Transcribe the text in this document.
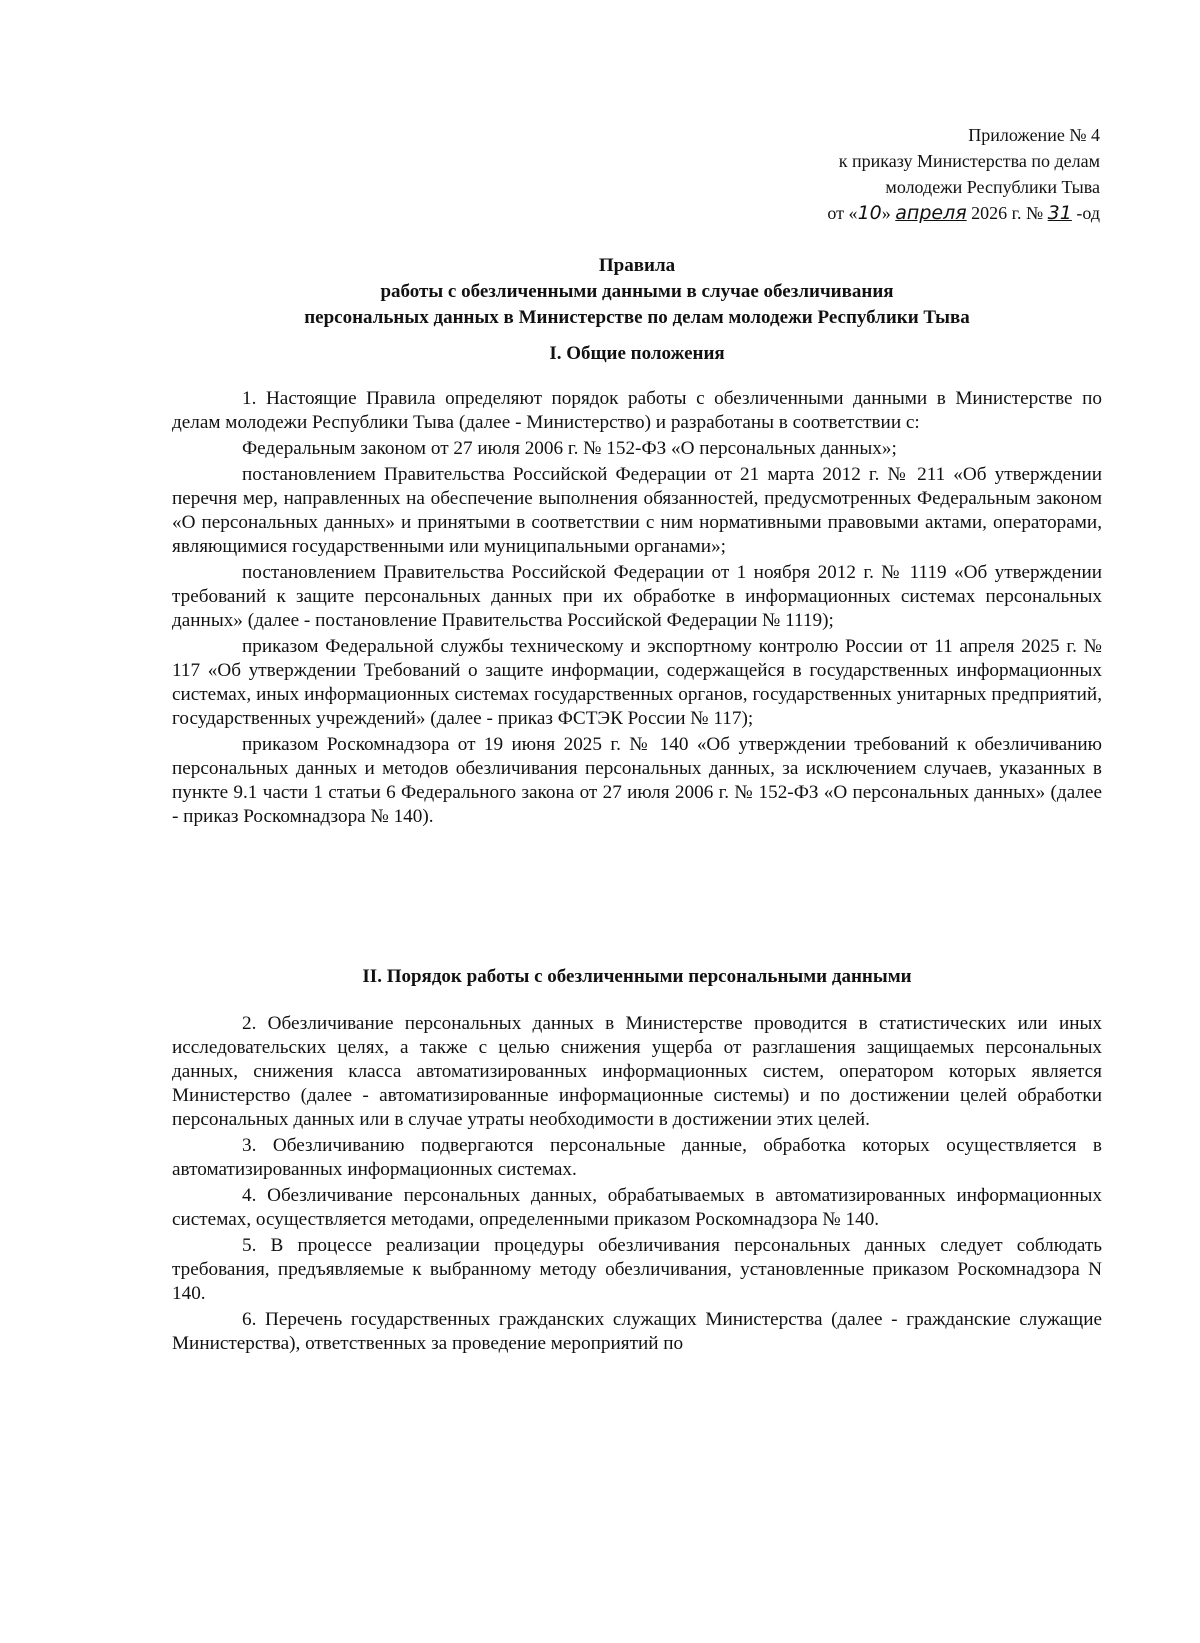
Приложение № 4
к приказу Министерства по делам
молодежи Республики Тыва
от «10» апреля 2026 г. № 31 -од
Правила
работы с обезличенными данными в случае обезличивания
персональных данных в Министерстве по делам молодежи Республики Тыва
I. Общие положения

1. Настоящие Правила определяют порядок работы с обезличенными данными в Министерстве по делам молодежи Республики Тыва (далее - Министерство) и разработаны в соответствии с:

Федеральным законом от 27 июля 2006 г. № 152-ФЗ «О персональных данных»;

постановлением Правительства Российской Федерации от 21 марта 2012 г. № 211 «Об утверждении перечня мер, направленных на обеспечение выполнения обязанностей, предусмотренных Федеральным законом «О персональных данных» и принятыми в соответствии с ним нормативными правовыми актами, операторами, являющимися государственными или муниципальными органами»;

постановлением Правительства Российской Федерации от 1 ноября 2012 г. № 1119 «Об утверждении требований к защите персональных данных при их обработке в информационных системах персональных данных» (далее - постановление Правительства Российской Федерации № 1119);

приказом Федеральной службы техническому и экспортному контролю России от 11 апреля 2025 г. № 117 «Об утверждении Требований о защите информации, содержащейся в государственных информационных системах, иных информационных системах государственных органов, государственных унитарных предприятий, государственных учреждений» (далее - приказ ФСТЭК России № 117);

приказом Роскомнадзора от 19 июня 2025 г. № 140 «Об утверждении требований к обезличиванию персональных данных и методов обезличивания персональных данных, за исключением случаев, указанных в пункте 9.1 части 1 статьи 6 Федерального закона от 27 июля 2006 г. № 152-ФЗ «О персональных данных» (далее - приказ Роскомнадзора № 140).

II. Порядок работы с обезличенными персональными данными

2. Обезличивание персональных данных в Министерстве проводится в статистических или иных исследовательских целях, а также с целью снижения ущерба от разглашения защищаемых персональных данных, снижения класса автоматизированных информационных систем, оператором которых является Министерство (далее - автоматизированные информационные системы) и по достижении целей обработки персональных данных или в случае утраты необходимости в достижении этих целей.

3. Обезличиванию подвергаются персональные данные, обработка которых осуществляется в автоматизированных информационных системах.

4. Обезличивание персональных данных, обрабатываемых в автоматизированных информационных системах, осуществляется методами, определенными приказом Роскомнадзора № 140.

5. В процессе реализации процедуры обезличивания персональных данных следует соблюдать требования, предъявляемые к выбранному методу обезличивания, установленные приказом Роскомнадзора N 140.

6. Перечень государственных гражданских служащих Министерства (далее - гражданские служащие Министерства), ответственных за проведение мероприятий по
